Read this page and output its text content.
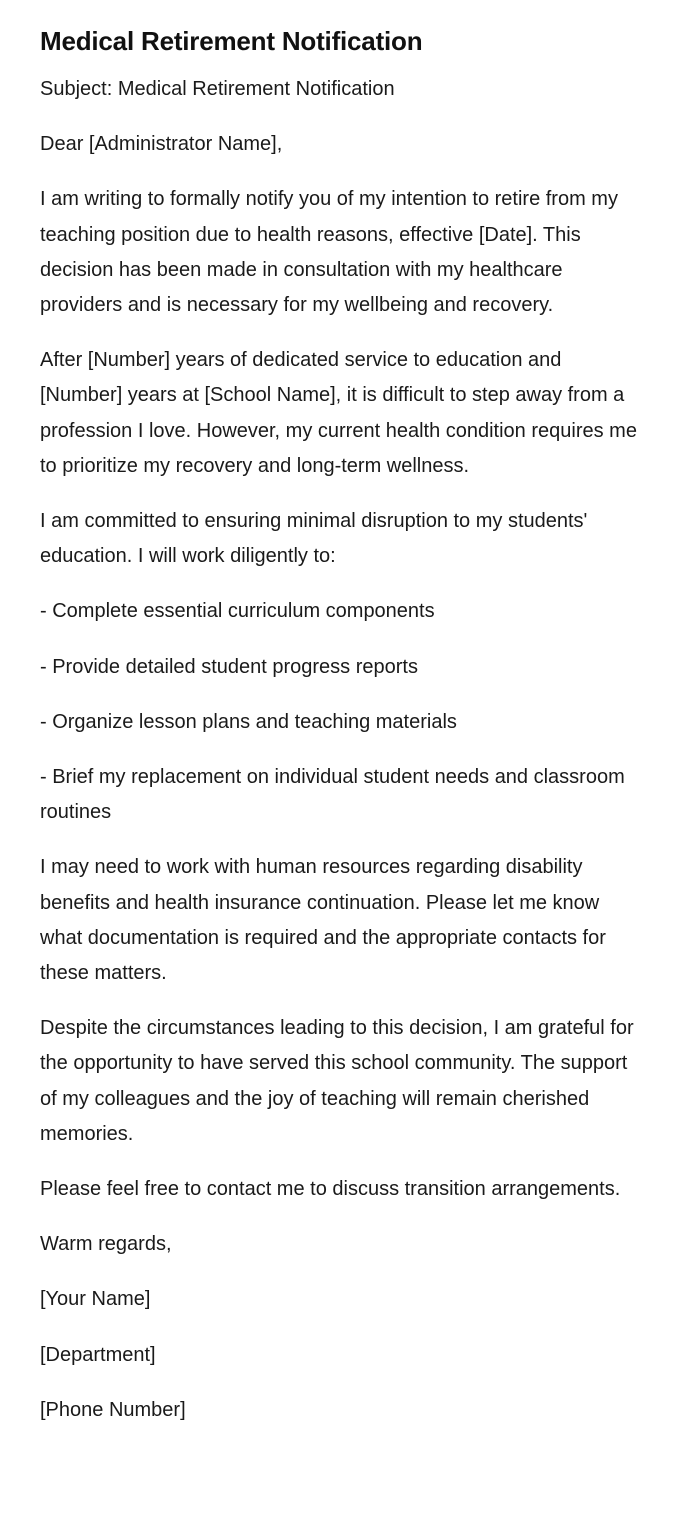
Medical Retirement Notification

Subject: Medical Retirement Notification

Dear [Administrator Name],

I am writing to formally notify you of my intention to retire from my teaching position due to health reasons, effective [Date]. This decision has been made in consultation with my healthcare providers and is necessary for my wellbeing and recovery.

After [Number] years of dedicated service to education and [Number] years at [School Name], it is difficult to step away from a profession I love. However, my current health condition requires me to prioritize my recovery and long-term wellness.

I am committed to ensuring minimal disruption to my students' education. I will work diligently to:

- Complete essential curriculum components
- Provide detailed student progress reports
- Organize lesson plans and teaching materials
- Brief my replacement on individual student needs and classroom routines

I may need to work with human resources regarding disability benefits and health insurance continuation. Please let me know what documentation is required and the appropriate contacts for these matters.

Despite the circumstances leading to this decision, I am grateful for the opportunity to have served this school community. The support of my colleagues and the joy of teaching will remain cherished memories.

Please feel free to contact me to discuss transition arrangements.

Warm regards,

[Your Name]

[Department]

[Phone Number]
